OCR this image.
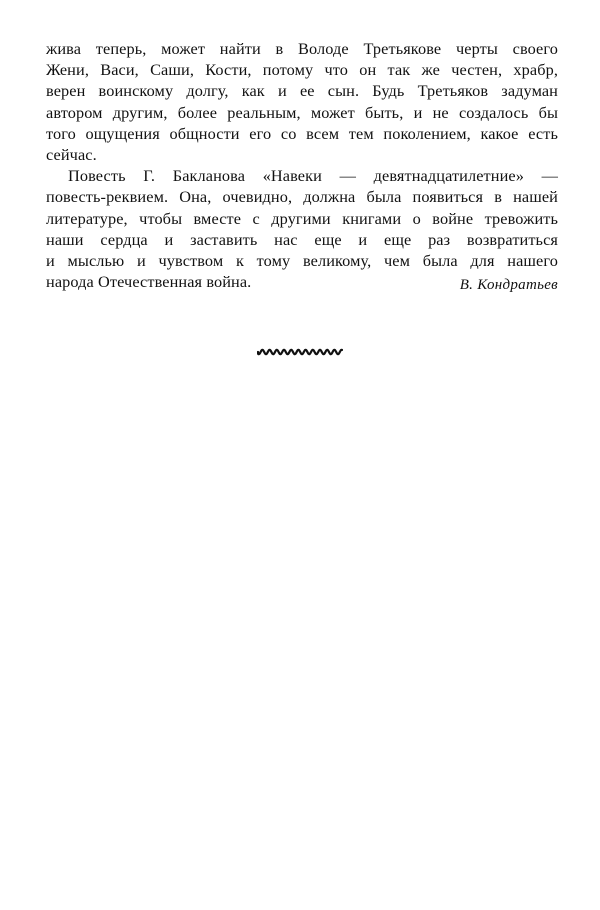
жива теперь, может найти в Володе Третьякове черты своего
Жени, Васи, Саши, Кости, потому что он так же честен, храбр,
верен воинскому долгу, как и ее сын. Будь Третьяков задуман
автором другим, более реальным, может быть, и не создалось бы
того ощущения общности его со всем тем поколением, какое есть
сейчас.
Повесть Г. Бакланова «Навеки — девятнадцатилетние» —
повесть-реквием. Она, очевидно, должна была появиться в нашей
литературе, чтобы вместе с другими книгами о войне тревожить
наши сердца и заставить нас еще и еще раз возвратиться
и мыслью и чувством к тому великому, чем была для нашего
народа Отечественная война.	В. Кондратьев
